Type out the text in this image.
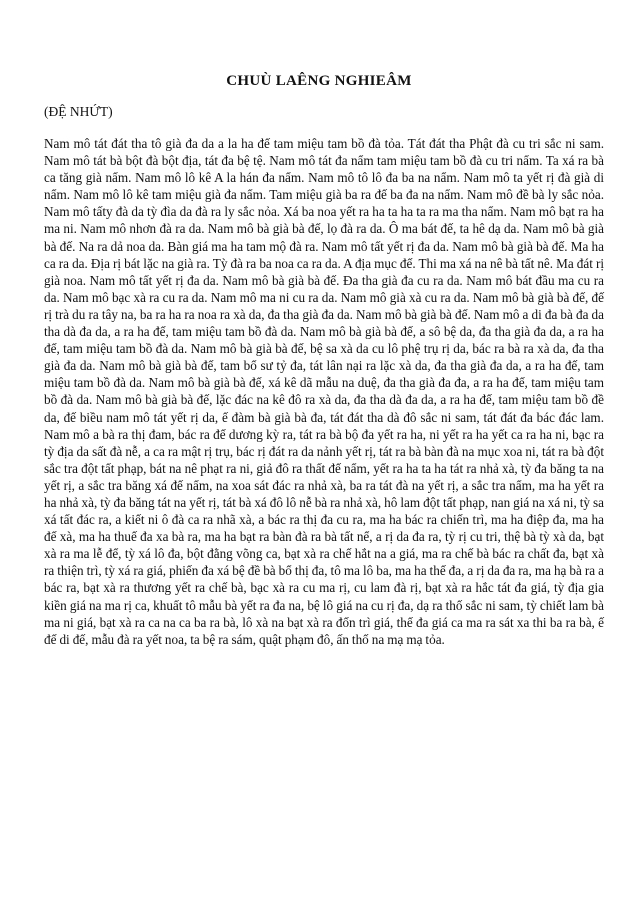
CHUÙ LAÊNG NGHIEÂM
(ĐỆ NHỨT)

Nam mô tát đát tha tô già đa da a la ha đế tam miệu tam bồ đà tỏa. Tát đát tha Phật đà cu tri sắc ni sam. Nam mô tát bà bột đà bột địa, tát đa bệ tệ. Nam mô tát đa nẩm tam miệu tam bồ đà cu tri nẩm. Ta xá ra bà ca tăng già nẩm. Nam mô lô kê A la hán đa nẩm. Nam mô tô lô đa ba na nẩm. Nam mô ta yết rị đà già di nẩm. Nam mô lô kê tam miệu già đa nẩm. Tam miệu già ba ra đế ba đa na nẩm. Nam mô đề bà ly sắc nỏa. Nam mô tấty đà da tỳ đìa da đà ra ly sắc nỏa. Xá ba noa yết ra ha ta ha ta ra ma tha nẩm. Nam mô bạt ra ha ma ni. Nam mô nhơn đà ra da. Nam mô bà già bà đế, lọ đà ra da. Ô ma bát đế, ta hê dạ da. Nam mô bà già bà đế. Na ra dả noa da. Bàn giá ma ha tam mộ đà ra. Nam mô tất yết rị đa da. Nam mô bà già bà đế. Ma ha ca ra da. Địa rị bát lặc na già ra. Tỳ đà ra ba noa ca ra da. A địa mục đế. Thi ma xá na nê bà tất nê. Ma đát rị già noa. Nam mô tất yết rị đa da. Nam mô bà già bà đế. Đa tha già đa cu ra da. Nam mô bát đầu ma cu ra da. Nam mô bạc xà ra cu ra da. Nam mô ma ni cu ra da. Nam mô già xà cu ra da. Nam mô bà già bà đế, đế rị trà du ra tây na, ba ra ha ra noa ra xà da, đa tha già đa da. Nam mô bà già bà đế. Nam mô a di đa bà đa da tha dà đa da, a ra ha đế, tam miệu tam bồ đà da. Nam mô bà già bà đế, a sô bệ da, đa tha già đa da, a ra ha đế, tam miệu tam bồ đà da. Nam mô bà già bà đế, bệ sa xà da cu lô phệ trụ rị da, bác ra bà ra xà da, đa tha già đa da. Nam mô bà già bà đế, tam bổ sư tỷ đa, tát lân nại ra lặc xà da, đa tha già đa da, a ra ha đế, tam miệu tam bồ đà da. Nam mô bà già bà đế, xá kê dã mẫu na duệ, đa tha già đa đa, a ra ha đế, tam miệu tam bồ đà da. Nam mô bà già bà đế, lặc đác na kê đô ra xà da, đa tha dà đa da, a ra ha đế, tam miệu tam bồ đề da, đế biều nam mô tát yết rị da, ế đàm bà già bà đa, tát đát tha dà đô sắc ni sam, tát đát đa bác đác lam. Nam mô a bà ra thị đam, bác ra đế dương kỳ ra, tát ra bà bộ đa yết ra ha, ni yết ra ha yết ca ra ha ni, bạc ra tỳ địa da sất đà nễ, a ca ra mật rị trụ, bác rị đát ra da nảnh yết rị, tát ra bà bàn đà na mục xoa ni, tát ra bà đột sắc tra đột tất phạp, bát na nê phạt ra ni, giả đô ra thất đế nẩm, yết ra ha ta ha tát ra nhả xà, tỳ đa băng ta na yết rị, a sắc tra băng xá đế nẩm, na xoa sát đác ra nhả xà, ba ra tát đà na yết rị, a sắc tra nẩm, ma ha yết ra ha nhả xà, tỳ đa băng tát na yết rị, tát bà xá đô lô nễ bà ra nhả xà, hô lam đột tất phạp, nan giá na xá ni, tỳ sa xá tất đác ra, a kiết ni ô đà ca ra nhã xà, a bác ra thị đa cu ra, ma ha bác ra chiến trì, ma ha điệp đa, ma ha đế xà, ma ha thuế đa xa bà ra, ma ha bạt ra bàn đà ra bà tất nể, a rị da đa ra, tỳ rị cu tri, thệ bà tỳ xà da, bạt xà ra ma lễ để, tỳ xá lô đa, bột đằng võng ca, bạt xà ra chế hắt na a giá, ma ra chế bà bác ra chất đa, bạt xà ra thiện trì, tỳ xá ra giá, phiến đa xá bệ đề bà bổ thị đa, tô ma lô ba, ma ha thế đa, a rị da đa ra, ma hạ bà ra a bác ra, bạt xà ra thương yết ra chế bà, bạc xà ra cu ma rị, cu lam đà rị, bạt xà ra hắc tát đa giá, tỳ địa gia kiền giá na ma rị ca, khuất tô mẫu bà yết ra đa na, bệ lô giá na cu rị đa, dạ ra thố sắc ni sam, tỳ chiết lam bà ma ni giá, bạt xà ra ca na ca ba ra bà, lô xà na bạt xà ra đốn trì giá, thế đa giá ca ma ra sát xa thi ba ra bà, ế đế di đế, mẫu đà ra yết noa, ta bệ ra sám, quật phạm đô, ấn thố na mạ mạ tỏa.
